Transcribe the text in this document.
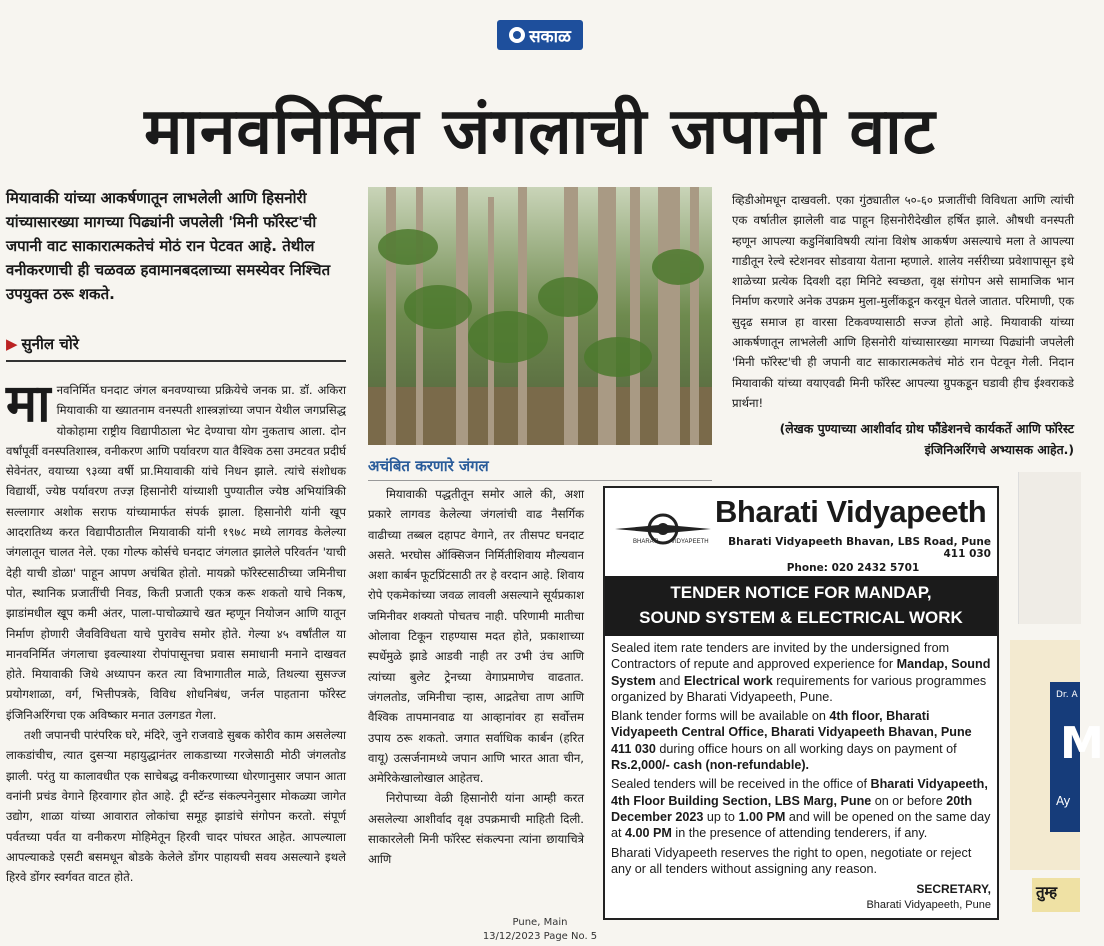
सकाळ
मानवनिर्मित जंगलाची जपानी वाट
मियावाकी यांच्या आकर्षणातून लाभलेली आणि हिसनोरी यांच्यासारख्या मागच्या पिढ्यांनी जपलेली 'मिनी फॉरेस्ट'ची जपानी वाट साकारात्मकतेचं मोठं रान पेटवत आहे. तेथील वनीकरणाची ही चळवळ हवामानबदलाच्या समस्येवर निश्चित उपयुक्त ठरू शकते.
▶ सुनील चोरे
मानवनिर्मित घनदाट जंगल बनवण्याच्या प्रक्रियेचे जनक प्रा. डॉ. अकिरा मियावाकी या ख्यातनाम वनस्पती शास्त्रज्ञांच्या जपान येथील जगप्रसिद्ध योकोहामा राष्ट्रीय विद्यापीठाला भेट देण्याचा योग नुकताच आला. दोन वर्षांपूर्वी वनस्पतिशास्त्र, वनीकरण आणि पर्यावरण यात वैश्विक ठसा उमटवत प्रदीर्घ सेवेनंतर, वयाच्या ९३व्या वर्षी प्रा.मियावाकी यांचे निधन झाले. त्यांचे संशोधक विद्यार्थी, ज्येष्ठ पर्यावरण तज्ज्ञ हिसानोरी यांच्याशी पुण्यातील ज्येष्ठ अभियांत्रिकी सल्लागार अशोक सराफ यांच्यामार्फत संपर्क झाला. हिसानोरी यांनी खूप आदरातिथ्य करत विद्यापीठातील मियावाकी यांनी १९७८ मध्ये लागवड केलेल्या जंगलातून चालत नेले. एका गोल्फ कोर्सचे घनदाट जंगलात झालेले परिवर्तन 'याची देही याची डोळा' पाहून आपण अचंबित होतो. मायक्रो फॉरेस्टसाठीच्या जमिनीचा पोत, स्थानिक प्रजातींची निवड, किती प्रजाती एकत्र करू शकतो याचे निकष, झाडांमधील खूप कमी अंतर, पाला-पाचोळ्याचे खत म्हणून नियोजन आणि यातून निर्माण होणारी जैवविविधता याचे पुरावेच समोर होते. गेल्या ४५ वर्षांतील या मानवनिर्मित जंगलाचा इवल्याश्या रोपांपासूनचा प्रवास समाधानी मनाने दाखवत होते. मियावाकी जिथे अध्यापन करत त्या विभागातील माळे, तिथल्या सुसज्ज प्रयोगशाळा, वर्ग, भित्तीपत्रके, विविध शोधनिबंध, जर्नल पाहताना फॉरेस्ट इंजिनिअरिंगचा एक अविष्कार मनात उलगडत गेला.
तशी जपानची पारंपरिक घरे, मंदिरे, जुने राजवाडे सुबक कोरीव काम असलेल्या लाकडांचीच, त्यात दुसऱ्या महायुद्धानंतर लाकडाच्या गरजेसाठी मोठी जंगलतोड झाली. परंतु या कालावधीत एक साचेबद्ध वनीकरणाच्या धोरणानुसार जपान आता वनांनी प्रचंड वेगाने हिरवागार होत आहे. ट्री स्टॅन्ड संकल्पनेनुसार मोकळ्या जागेत उद्योग, शाळा यांच्या आवारात लोकांचा समूह झाडांचे संगोपन करतो. संपूर्ण पर्वतच्या पर्वत या वनीकरण मोहिमेतून हिरवी चादर पांघरत आहेत. आपल्याला आपल्याकडे एसटी बसमधून बोडके केलेले डोंगर पाहायची सवय असल्याने इथले हिरवे डोंगर स्वर्गवत वाटत होते.
अचंबित करणारे जंगल
मियावाकी पद्धतीतून समोर आले की, अशा प्रकारे लागवड केलेल्या जंगलांची वाढ नैसर्गिक वाढीच्या तब्बल दहापट वेगाने, तर तीसपट घनदाट असते. भरघोस ऑक्सिजन निर्मितीशिवाय मौल्यवान अशा कार्बन फूटप्रिंटसाठी तर हे वरदान आहे. शिवाय रोपे एकमेकांच्या जवळ लावली असल्याने सूर्यप्रकाश जमिनीवर शक्यतो पोचतच नाही. परिणामी मातीचा ओलावा टिकून राहण्यास मदत होते, प्रकाशाच्या स्पर्धेमुळे झाडे आडवी नाही तर उभी उंच आणि त्यांच्या बुलेट ट्रेनच्या वेगाप्रमाणेच वाढतात. जंगलतोड, जमिनीचा ऱ्हास, आद्रतेचा ताण आणि वैश्विक तापमानवाढ या आव्हानांवर हा सर्वोत्तम उपाय ठरू शकतो. जगात सर्वाधिक कार्बन (हरित वायू) उत्सर्जनामध्ये जपान आणि भारत आता चीन, अमेरिकेखालोखाल आहेतच.
निरोपाच्या वेळी हिसानोरी यांना आम्ही करत असलेल्या आशीर्वाद वृक्ष उपक्रमाची माहिती दिली. साकारलेली मिनी फॉरेस्ट संकल्पना त्यांना छायाचित्रे आणि
व्हिडीओमधून दाखवली. एका गुंठ्यातील ५०-६० प्रजातींची विविधता आणि त्यांची एक वर्षातील झालेली वाढ पाहून हिसनोरीदेखील हर्षित झाले. औषधी वनस्पती म्हणून आपल्या कडुनिंबाविषयी त्यांना विशेष आकर्षण असल्याचे मला ते आपल्या गाडीतून रेल्वे स्टेशनवर सोडवाया येताना म्हणाले. शालेय नर्सरीच्या प्रवेशापासून इथे शाळेच्या प्रत्येक दिवशी दहा मिनिटे स्वच्छता, वृक्ष संगोपन असे सामाजिक भान निर्माण करणारे अनेक उपक्रम मुला-मुलींकडून करवून घेतले जातात. परिमाणी, एक सुदृढ समाज हा वारसा टिकवण्यासाठी सज्ज होतो आहे. मियावाकी यांच्या आकर्षणातून लाभलेली आणि हिसनोरी यांच्यासारख्या मागच्या पिढ्यांनी जपलेली 'मिनी फॉरेस्ट'ची ही जपानी वाट साकारात्मकतेचं मोठं रान पेटवून गेली. निदान मियावाकी यांच्या वयाएवढी मिनी फॉरेस्ट आपल्या ग्रुपकडून घडावी हीच ईश्वराकडे प्रार्थना!
(लेखक पुण्याच्या आशीर्वाद ग्रोथ फौंडेशनचे कार्यकर्ते आणि फॉरेस्ट इंजिनिअरिंगचे अभ्यासक आहेत.)
BHARATI VIDYAPEETH
Bharati Vidyapeeth
Bharati Vidyapeeth Bhavan, LBS Road, Pune 411 030
Phone: 020 2432 5701
TENDER NOTICE FOR MANDAP,
SOUND SYSTEM & ELECTRICAL WORK

Sealed item rate tenders are invited by the undersigned from Contractors of repute and approved experience for Mandap, Sound System and Electrical work requirements for various programmes organized by Bharati Vidyapeeth, Pune.

Blank tender forms will be available on 4th floor, Bharati Vidyapeeth Central Office, Bharati Vidyapeeth Bhavan, Pune 411 030 during office hours on all working days on payment of Rs.2,000/- cash (non-refundable).

Sealed tenders will be received in the office of Bharati Vidyapeeth, 4th Floor Building Section, LBS Marg, Pune on or before 20th December 2023 up to 1.00 PM and will be opened on the same day at 4.00 PM in the presence of attending tenderers, if any.

Bharati Vidyapeeth reserves the right to open, negotiate or reject any or all tenders without assigning any reason.

SECRETARY,
Bharati Vidyapeeth, Pune
Dr. A
M
Ay
तुम्ह
Pune, Main
13/12/2023 Page No. 5
